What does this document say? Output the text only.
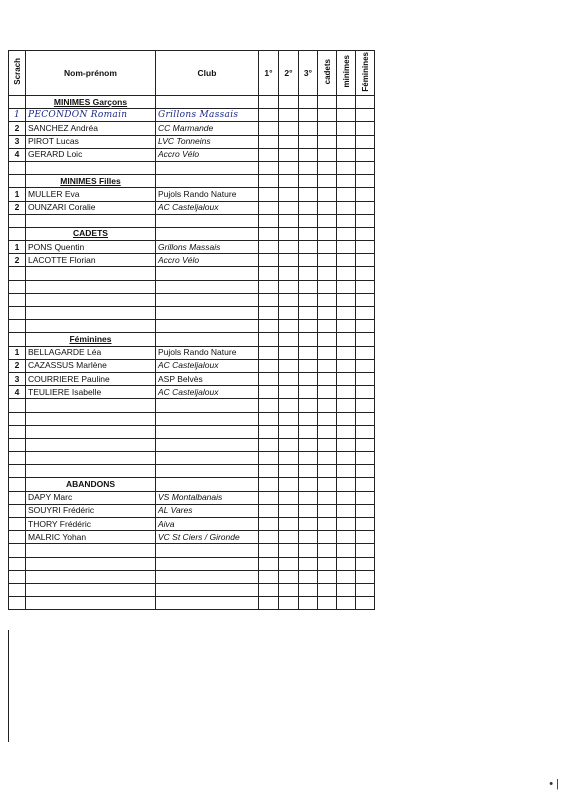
Scrach	Nom-prénom	Club	1°	2°	3°	cadets	minimes	Féminines
	MINIMES Garçons							
1	PECONDON Romain	Grillons Massais						
2	SANCHEZ Andréa	CC Marmande						
3	PIROT Lucas	LVC Tonneins						
4	GERARD Loic	Accro Vélo						

	MINIMES Filles							
1	MULLER Eva	Pujols Rando Nature						
2	OUNZARI Coralie	AC Casteljaloux						

	CADETS							
1	PONS Quentin	Grillons Massais						
2	LACOTTE Florian	Accro Vélo						

	Féminines							
1	BELLAGARDE Léa	Pujols Rando Nature						
2	CAZASSUS Marlène	AC Casteljaloux						
3	COURRIERE Pauline	ASP Belvès						
4	TEULIERE Isabelle	AC Casteljaloux						

	ABANDONS							
	DAPY Marc	VS Montalbanais						
	SOUYRI Frédéric	AL Vares						
	THORY Frédéric	Aiva						
	MALRIC Yohan	VC St Ciers / Gironde						

• |
